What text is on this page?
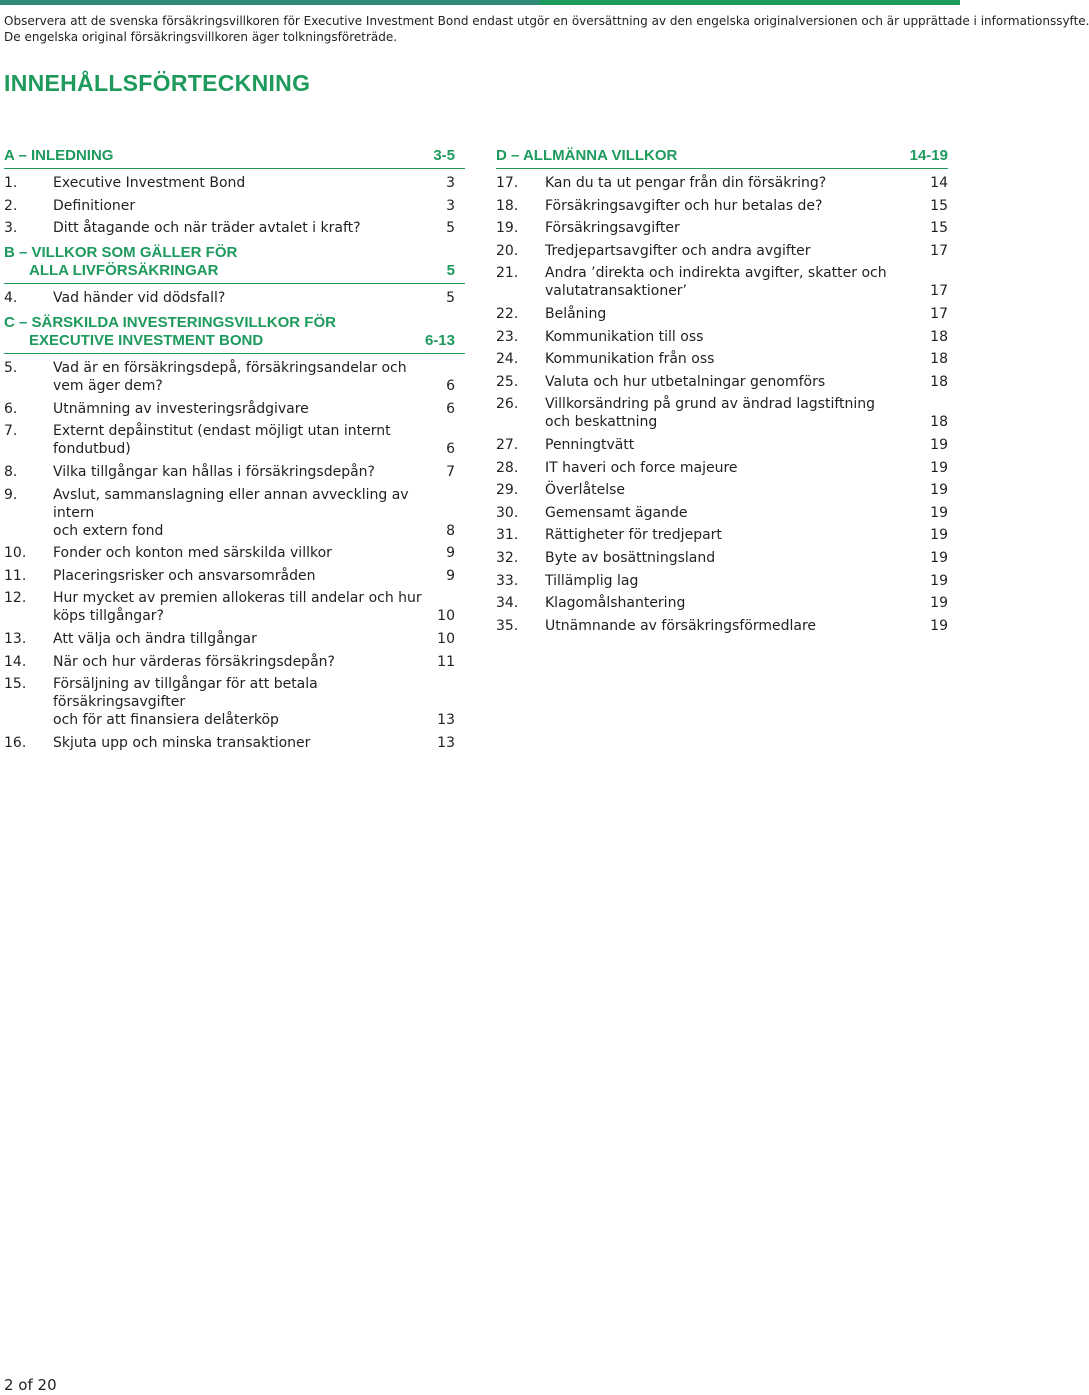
Observera att de svenska försäkringsvillkoren för Executive Investment Bond endast utgör en översättning av den engelska originalversionen och är upprättade i informationssyfte.
De engelska original försäkringsvillkoren äger tolkningsföreträde.
INNEHÅLLSFÖRTECKNING
A – INLEDNING	3-5
1.	Executive Investment Bond	3
2.	Definitioner	3
3.	Ditt åtagande och när träder avtalet i kraft?	5
B – VILLKOR SOM GÄLLER FÖR
ALLA LIVFÖRSÄKRINGAR	5
4.	Vad händer vid dödsfall?	5
C – SÄRSKILDA INVESTERINGSVILLKOR FÖR
EXECUTIVE INVESTMENT BOND	6-13
5.	Vad är en försäkringsdepå, försäkringsandelar och
vem äger dem?	6
6.	Utnämning av investeringsrådgivare	6
7.	Externt depåinstitut (endast möjligt utan internt fondutbud)	6
8.	Vilka tillgångar kan hållas i försäkringsdepån?	7
9.	Avslut, sammanslagning eller annan avveckling av intern
och extern fond	8
10.	Fonder och konton med särskilda villkor	9
11.	Placeringsrisker och ansvarsområden	9
12.	Hur mycket av premien allokeras till andelar och hur
köps tillgångar?	10
13.	Att välja och ändra tillgångar	10
14.	När och hur värderas försäkringsdepån?	11
15.	Försäljning av tillgångar för att betala försäkringsavgifter
och för att finansiera delåterköp	13
16.	Skjuta upp och minska transaktioner	13
D – ALLMÄNNA VILLKOR	14-19
17.	Kan du ta ut pengar från din försäkring?	14
18.	Försäkringsavgifter och hur betalas de?	15
19.	Försäkringsavgifter	15
20.	Tredjepartsavgifter och andra avgifter	17
21.	Andra ’direkta och indirekta avgifter, skatter och
valutatransaktioner’	17
22.	Belåning	17
23.	Kommunikation till oss	18
24.	Kommunikation från oss	18
25.	Valuta och hur utbetalningar genomförs	18
26.	Villkorsändring på grund av ändrad lagstiftning
och beskattning	18
27.	Penningtvätt	19
28.	IT haveri och force majeure	19
29.	Överlåtelse	19
30.	Gemensamt ägande	19
31.	Rättigheter för tredjepart	19
32.	Byte av bosättningsland	19
33.	Tillämplig lag	19
34.	Klagomålshantering	19
35.	Utnämnande av försäkringsförmedlare	19
2 of 20
